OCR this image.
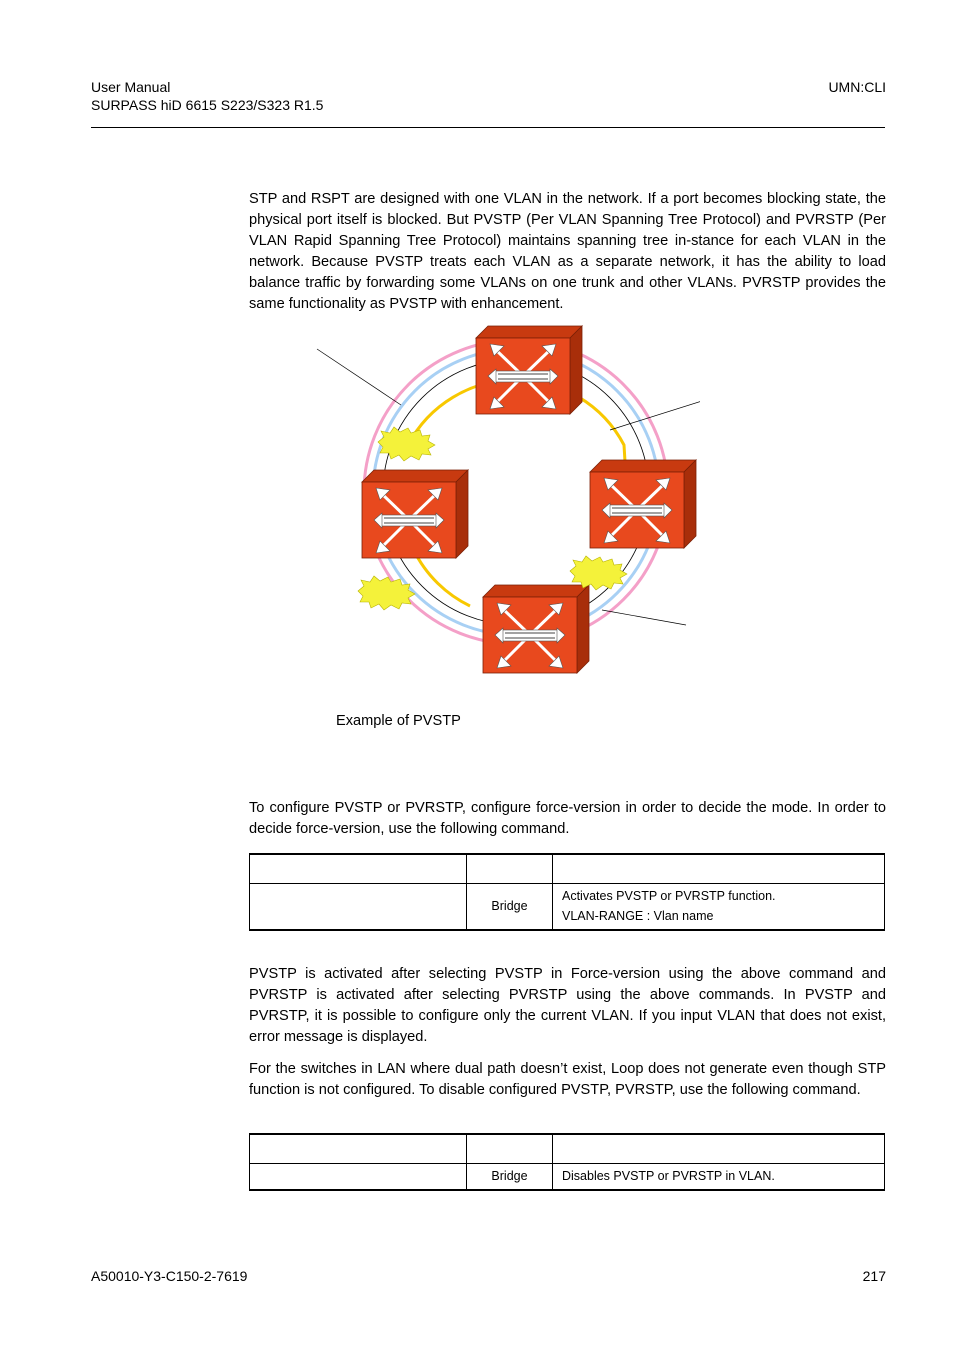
User Manual
SURPASS hiD 6615 S223/S323 R1.5
UMN:CLI
STP and RSPT are designed with one VLAN in the network. If a port becomes blocking state, the physical port itself is blocked. But PVSTP (Per VLAN Spanning Tree Protocol) and PVRSTP (Per VLAN Rapid Spanning Tree Protocol) maintains spanning tree in-stance for each VLAN in the network. Because PVSTP treats each VLAN as a separate network, it has the ability to load balance traffic by forwarding some VLANs on one trunk and other VLANs. PVRSTP provides the same functionality as PVSTP with enhancement.
Example of PVSTP
To configure PVSTP or PVRSTP, configure force-version in order to decide the mode. In order to decide force-version, use the following command.

	Bridge	Activates PVSTP or PVRSTP function.
VLAN-RANGE : Vlan name
PVSTP is activated after selecting PVSTP in Force-version using the above command and PVRSTP is activated after selecting PVRSTP using the above commands. In PVSTP and PVRSTP, it is possible to configure only the current VLAN. If you input VLAN that does not exist, error message is displayed.
For the switches in LAN where dual path doesn’t exist, Loop does not generate even though STP function is not configured. To disable configured PVSTP, PVRSTP, use the following command.

	Bridge	Disables PVSTP or PVRSTP in VLAN.
A50010-Y3-C150-2-7619	217
